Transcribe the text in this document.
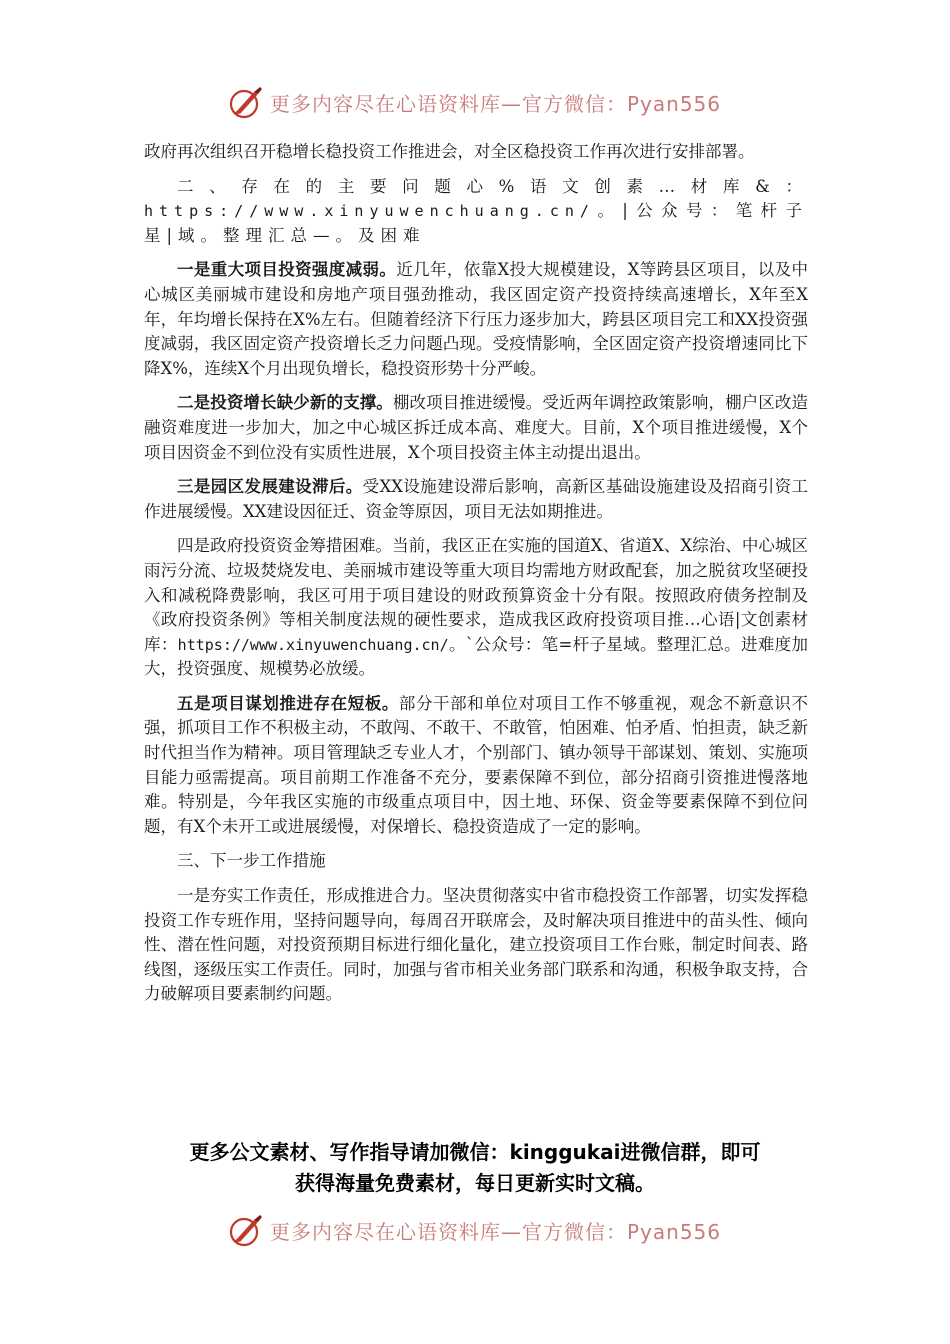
更多内容尽在心语资料库—官方微信：Pyan556

政府再次组织召开稳增长稳投资工作推进会，对全区稳投资工作再次进行安排部署。

二、存在的主要问题心%语文创素…材库&：https://www.xinyuwenchuang.cn/。|公众号：笔杆子星|域。整理汇总—。及困难

一是重大项目投资强度减弱。近几年，依靠X投大规模建设，X等跨县区项目，以及中心城区美丽城市建设和房地产项目强劲推动，我区固定资产投资持续高速增长，X年至X年，年均增长保持在X%左右。但随着经济下行压力逐步加大，跨县区项目完工和XX投资强度减弱，我区固定资产投资增长乏力问题凸现。受疫情影响，全区固定资产投资增速同比下降X%，连续X个月出现负增长，稳投资形势十分严峻。

二是投资增长缺少新的支撑。棚改项目推进缓慢。受近两年调控政策影响，棚户区改造融资难度进一步加大，加之中心城区拆迁成本高、难度大。目前，X个项目推进缓慢，X个项目因资金不到位没有实质性进展，X个项目投资主体主动提出退出。

三是园区发展建设滞后。受XX设施建设滞后影响，高新区基础设施建设及招商引资工作进展缓慢。XX建设因征迁、资金等原因，项目无法如期推进。

四是政府投资资金筹措困难。当前，我区正在实施的国道X、省道X、X综治、中心城区雨污分流、垃圾焚烧发电、美丽城市建设等重大项目均需地方财政配套，加之脱贫攻坚硬投入和减税降费影响，我区可用于项目建设的财政预算资金十分有限。按照政府债务控制及《政府投资条例》等相关制度法规的硬性要求，造成我区政府投资项目推…心语|文创素材库：https://www.xinyuwenchuang.cn/。`公众号：笔=杆子星域。整理汇总。进难度加大，投资强度、规模势必放缓。

五是项目谋划推进存在短板。部分干部和单位对项目工作不够重视，观念不新意识不强，抓项目工作不积极主动，不敢闯、不敢干、不敢管，怕困难、怕矛盾、怕担责，缺乏新时代担当作为精神。项目管理缺乏专业人才，个别部门、镇办领导干部谋划、策划、实施项目能力亟需提高。项目前期工作准备不充分，要素保障不到位，部分招商引资推进慢落地难。特别是，今年我区实施的市级重点项目中，因土地、环保、资金等要素保障不到位问题，有X个未开工或进展缓慢，对保增长、稳投资造成了一定的影响。

三、下一步工作措施

一是夯实工作责任，形成推进合力。坚决贯彻落实中省市稳投资工作部署，切实发挥稳投资工作专班作用，坚持问题导向，每周召开联席会，及时解决项目推进中的苗头性、倾向性、潜在性问题，对投资预期目标进行细化量化，建立投资项目工作台账，制定时间表、路线图，逐级压实工作责任。同时，加强与省市相关业务部门联系和沟通，积极争取支持，合力破解项目要素制约问题。

更多公文素材、写作指导请加微信：kinggukai进微信群，即可
获得海量免费素材，每日更新实时文稿。
更多内容尽在心语资料库—官方微信：Pyan556
